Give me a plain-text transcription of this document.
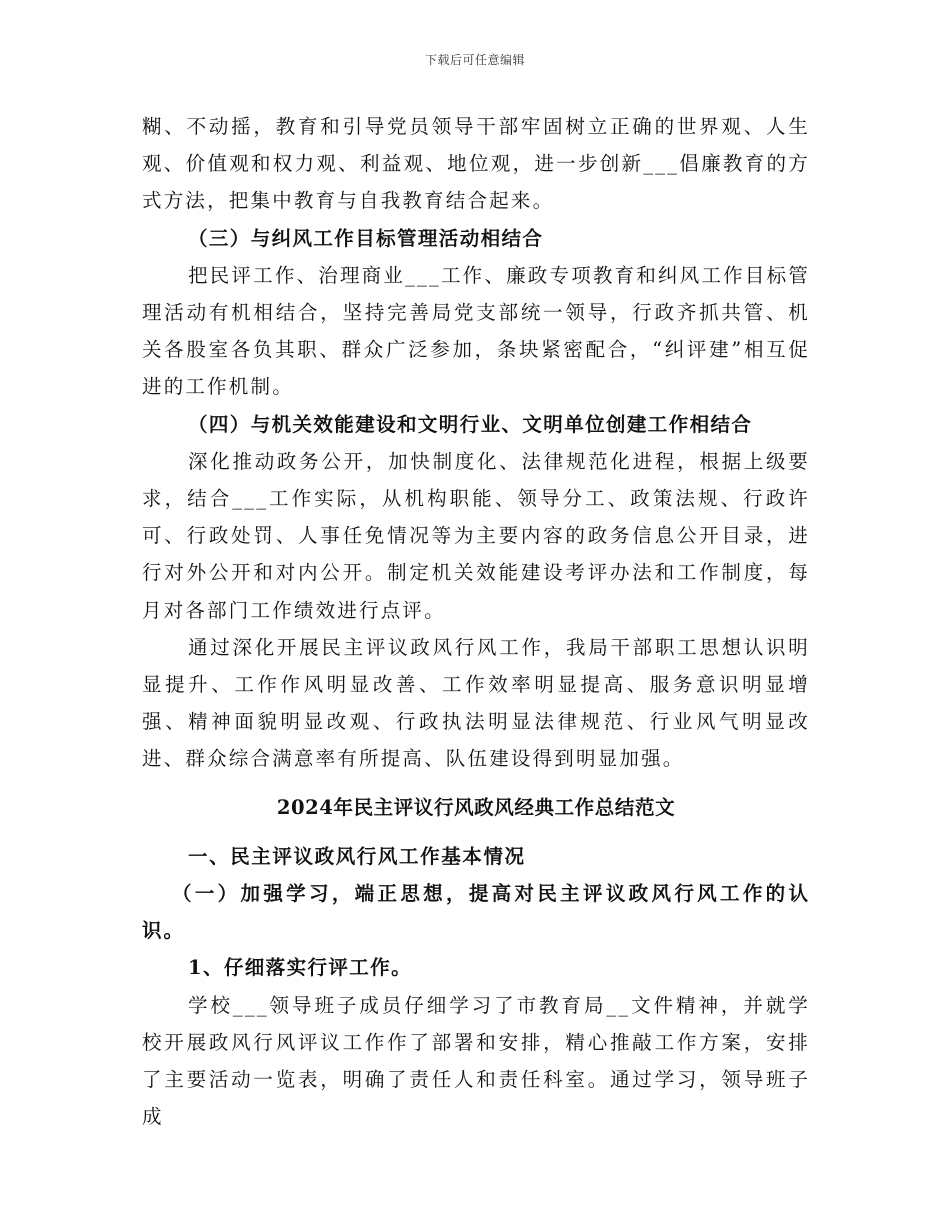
下载后可任意编辑

糊、不动摇，教育和引导党员领导干部牢固树立正确的世界观、人生观、价值观和权力观、利益观、地位观，进一步创新___倡廉教育的方式方法，把集中教育与自我教育结合起来。

（三）与纠风工作目标管理活动相结合

把民评工作、治理商业___工作、廉政专项教育和纠风工作目标管理活动有机相结合，坚持完善局党支部统一领导，行政齐抓共管、机关各股室各负其职、群众广泛参加，条块紧密配合，“纠评建”相互促进的工作机制。

（四）与机关效能建设和文明行业、文明单位创建工作相结合

深化推动政务公开，加快制度化、法律规范化进程，根据上级要求，结合___工作实际，从机构职能、领导分工、政策法规、行政许可、行政处罚、人事任免情况等为主要内容的政务信息公开目录，进行对外公开和对内公开。制定机关效能建设考评办法和工作制度，每月对各部门工作绩效进行点评。

通过深化开展民主评议政风行风工作，我局干部职工思想认识明显提升、工作作风明显改善、工作效率明显提高、服务意识明显增强、精神面貌明显改观、行政执法明显法律规范、行业风气明显改进、群众综合满意率有所提高、队伍建设得到明显加强。

2024年民主评议行风政风经典工作总结范文

一、民主评议政风行风工作基本情况

（一）加强学习，端正思想，提高对民主评议政风行风工作的认识。

1、仔细落实行评工作。

学校___领导班子成员仔细学习了市教育局__文件精神，并就学校开展政风行风评议工作作了部署和安排，精心推敲工作方案，安排了主要活动一览表，明确了责任人和责任科室。通过学习，领导班子成
